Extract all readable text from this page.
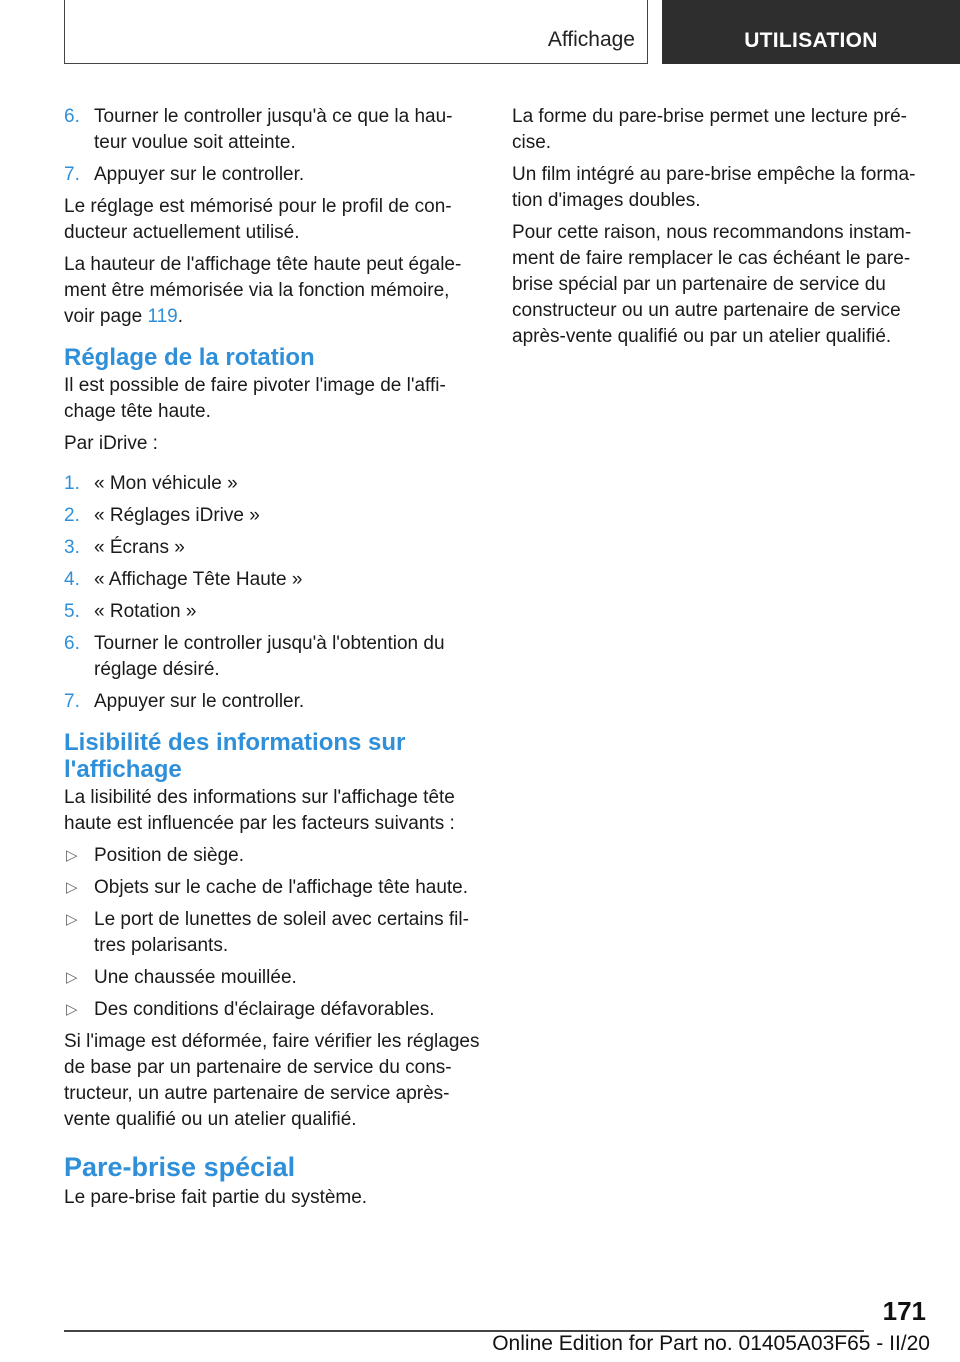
Affichage	UTILISATION
6. Tourner le controller jusqu'à ce que la hau-teur voulue soit atteinte.
7. Appuyer sur le controller.

Le réglage est mémorisé pour le profil de con-ducteur actuellement utilisé.

La hauteur de l'affichage tête haute peut égale-ment être mémorisée via la fonction mémoire, voir page 119.

Réglage de la rotation

Il est possible de faire pivoter l'image de l'affi-chage tête haute.

Par iDrive :

1. « Mon véhicule »
2. « Réglages iDrive »
3. « Écrans »
4. « Affichage Tête Haute »
5. « Rotation »
6. Tourner le controller jusqu'à l'obtention du réglage désiré.
7. Appuyer sur le controller.
Lisibilité des informations sur l'affichage

La lisibilité des informations sur l'affichage tête haute est influencée par les facteurs suivants :

▷ Position de siège.
▷ Objets sur le cache de l'affichage tête haute.
▷ Le port de lunettes de soleil avec certains fil-tres polarisants.
▷ Une chaussée mouillée.
▷ Des conditions d'éclairage défavorables.

Si l'image est déformée, faire vérifier les réglages de base par un partenaire de service du cons-tructeur, un autre partenaire de service après-vente qualifié ou un atelier qualifié.

Pare-brise spécial

Le pare-brise fait partie du système.

La forme du pare-brise permet une lecture pré-cise.

Un film intégré au pare-brise empêche la forma-tion d'images doubles.

Pour cette raison, nous recommandons instam-ment de faire remplacer le cas échéant le pare-brise spécial par un partenaire de service du constructeur ou un autre partenaire de service après-vente qualifié ou par un atelier qualifié.

171
Online Edition for Part no. 01405A03F65 - II/20
